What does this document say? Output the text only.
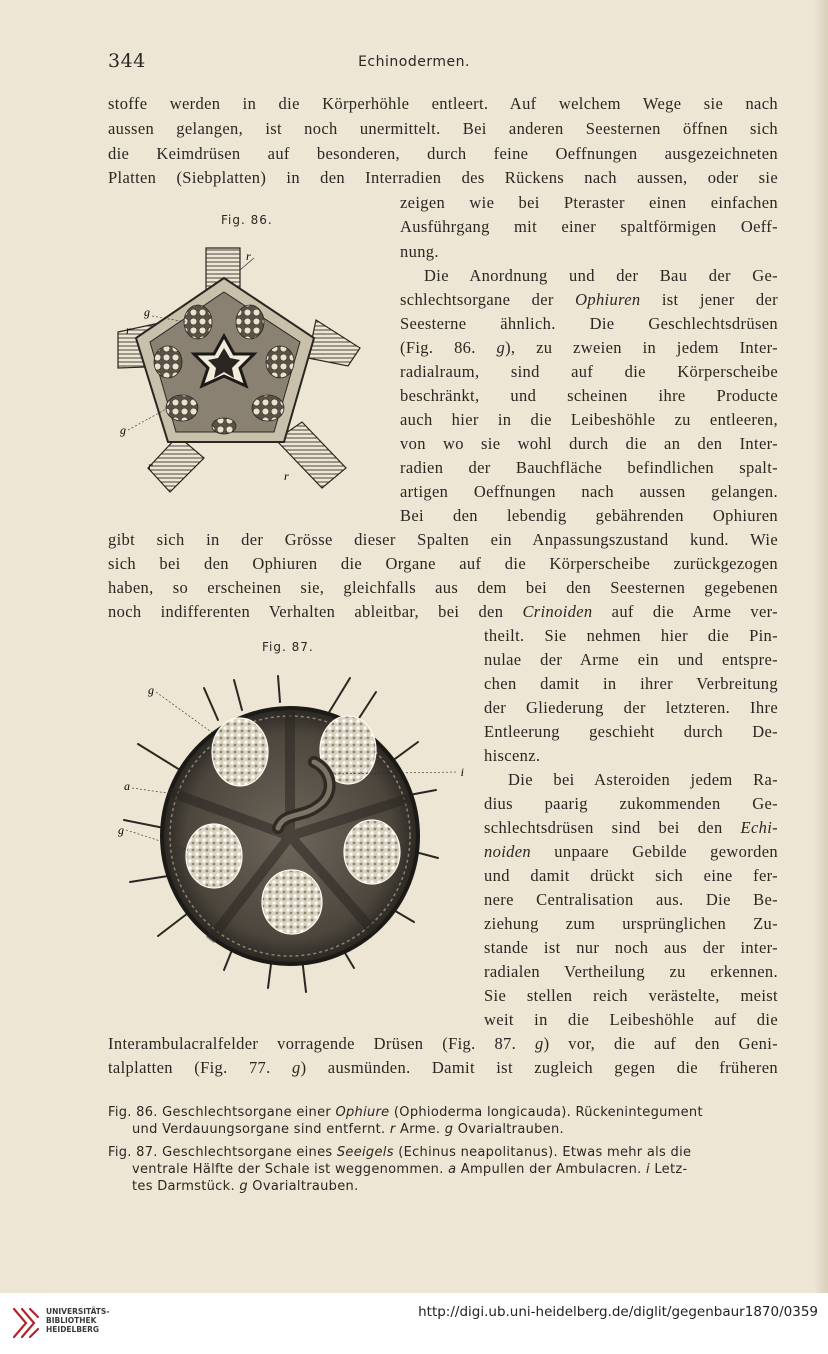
344	Echinodermen.
stoffe werden in die Körperhöhle entleert. Auf welchem Wege sie nach
aussen gelangen, ist noch unermittelt. Bei anderen Seesternen öffnen sich
die Keimdrüsen auf besonderen, durch feine Oeffnungen ausgezeichneten
Platten (Siebplatten) in den Interradien des Rückens nach aussen, oder sie
zeigen wie bei Pteraster einen einfachen
Ausführgang mit einer spaltförmigen Oeff-
nung.
Die Anordnung und der Bau der Ge-
schlechtsorgane der Ophiuren ist jener der
Seesterne ähnlich. Die Geschlechtsdrüsen
(Fig. 86. g), zu zweien in jedem Inter-
radialraum, sind auf die Körperscheibe
beschränkt, und scheinen ihre Producte
auch hier in die Leibeshöhle zu entleeren,
von wo sie wohl durch die an den Inter-
radien der Bauchfläche befindlichen spalt-
artigen Oeffnungen nach aussen gelangen.
Bei den lebendig gebährenden Ophiuren
gibt sich in der Grösse dieser Spalten ein Anpassungszustand kund. Wie
sich bei den Ophiuren die Organe auf die Körperscheibe zurückgezogen
haben, so erscheinen sie, gleichfalls aus dem bei den Seesternen gegebenen
noch indifferenten Verhalten ableitbar, bei den Crinoiden auf die Arme ver-
theilt. Sie nehmen hier die Pin-
nulae der Arme ein und entspre-
chen damit in ihrer Verbreitung
der Gliederung der letzteren. Ihre
Entleerung geschieht durch De-
hiscenz.
Die bei Asteroiden jedem Ra-
dius paarig zukommenden Ge-
schlechtsdrüsen sind bei den Echi-
noiden unpaare Gebilde geworden
und damit drückt sich eine fer-
nere Centralisation aus. Die Be-
ziehung zum ursprünglichen Zu-
stande ist nur noch aus der inter-
radialen Vertheilung zu erkennen.
Sie stellen reich verästelte, meist
weit in die Leibeshöhle auf die
Interambulacralfelder vorragende Drüsen (Fig. 87. g) vor, die auf den Geni-
talplatten (Fig. 77. g) ausmünden. Damit ist zugleich gegen die früheren
Fig. 86.
r
g
r
g
r
r
Fig. 87.
g
a
g
i
Fig. 86. Geschlechtsorgane einer Ophiure (Ophioderma longicauda). Rückenintegument
und Verdauungsorgane sind entfernt. r Arme. g Ovarialtrauben.
Fig. 87. Geschlechtsorgane eines Seeigels (Echinus neapolitanus). Etwas mehr als die
ventrale Hälfte der Schale ist weggenommen. a Ampullen der Ambulacren. i Letz-
tes Darmstück. g Ovarialtrauben.
UNIVERSITÄTS-
BIBLIOTHEK
HEIDELBERG
http://digi.ub.uni-heidelberg.de/diglit/gegenbaur1870/0359
